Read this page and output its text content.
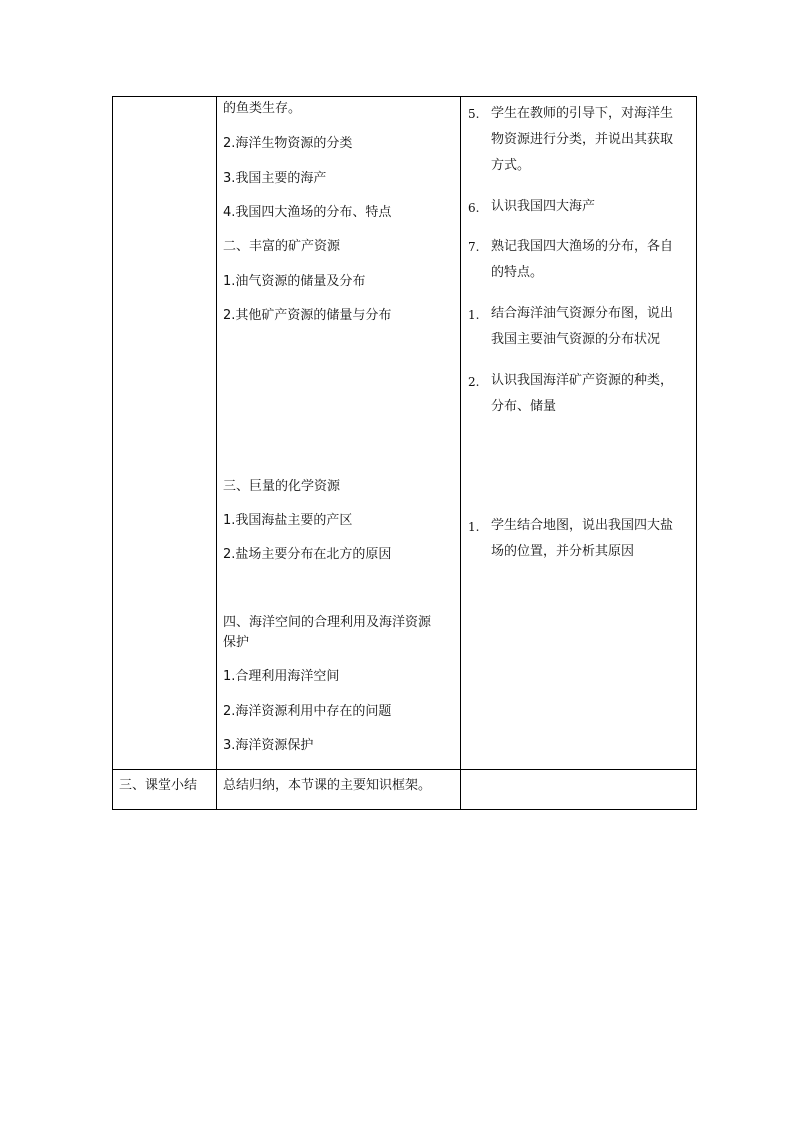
的鱼类生存。
2.海洋生物资源的分类
3.我国主要的海产
4.我国四大渔场的分布、特点
二、丰富的矿产资源
1.油气资源的储量及分布
2.其他矿产资源的储量与分布
三、巨量的化学资源
1.我国海盐主要的产区
2.盐场主要分布在北方的原因
四、海洋空间的合理利用及海洋资源
保护
1.合理利用海洋空间
2.海洋资源利用中存在的问题
3.海洋资源保护
5. 学生在教师的引导下，对海洋生
物资源进行分类，并说出其获取
方式。
6. 认识我国四大海产
7. 熟记我国四大渔场的分布，各自
的特点。
1. 结合海洋油气资源分布图，说出
我国主要油气资源的分布状况
2. 认识我国海洋矿产资源的种类，
分布、储量
1. 学生结合地图，说出我国四大盐
场的位置，并分析其原因
三、课堂小结 总结归纳，本节课的主要知识框架。
